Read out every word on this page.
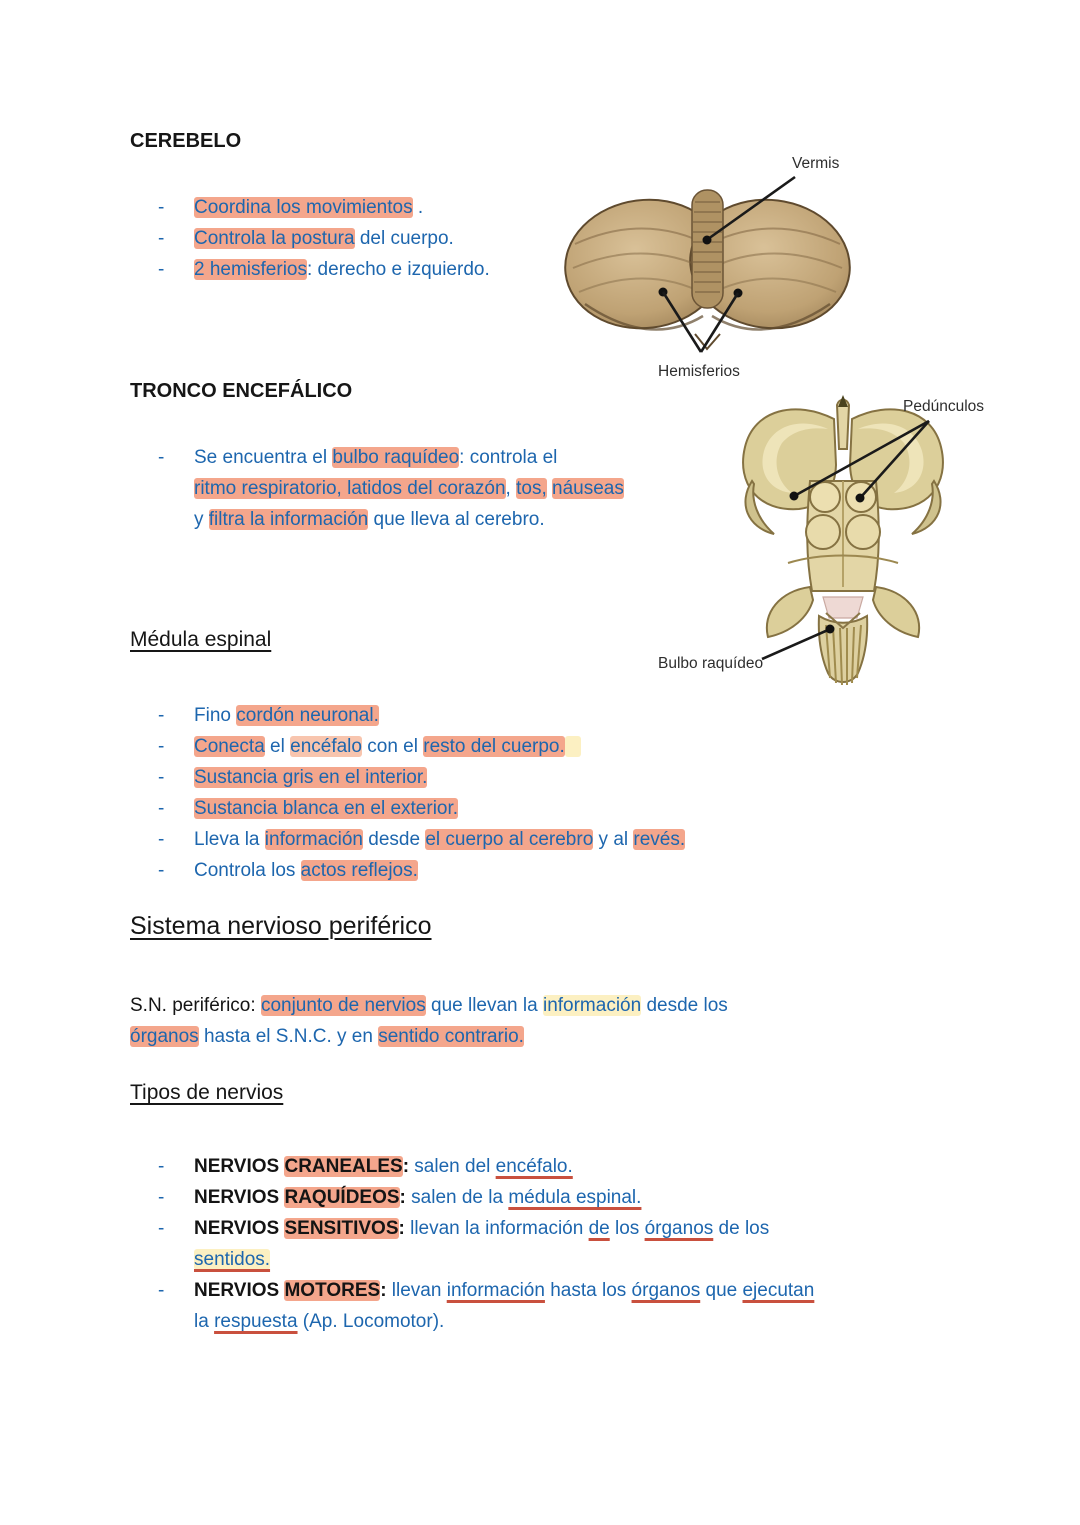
CEREBELO
-	Coordina los movimientos .
-	Controla la postura del cuerpo.
-	2 hemisferios: derecho e izquierdo.
Vermis
Hemisferios
TRONCO ENCEFÁLICO
-	Se encuentra el bulbo raquídeo: controla el
ritmo respiratorio, latidos del corazón, tos, náuseas
y filtra la información que lleva al cerebro.
Pedúnculos
Bulbo raquídeo
Médula espinal
-	Fino cordón neuronal.
-	Conecta el encéfalo con el resto del cuerpo.
-	Sustancia gris en el interior.
-	Sustancia blanca en el exterior.
-	Lleva la información desde el cuerpo al cerebro y al revés.
-	Controla los actos reflejos.
Sistema nervioso periférico
S.N. periférico: conjunto de nervios que llevan la información desde los
órganos hasta el S.N.C. y en sentido contrario.
Tipos de nervios
-	NERVIOS CRANEALES: salen del encéfalo.
-	NERVIOS RAQUÍDEOS: salen de la médula espinal.
-	NERVIOS SENSITIVOS: llevan la información de los órganos de los
sentidos.
-	NERVIOS MOTORES: llevan información hasta los órganos que ejecutan
la respuesta (Ap. Locomotor).
